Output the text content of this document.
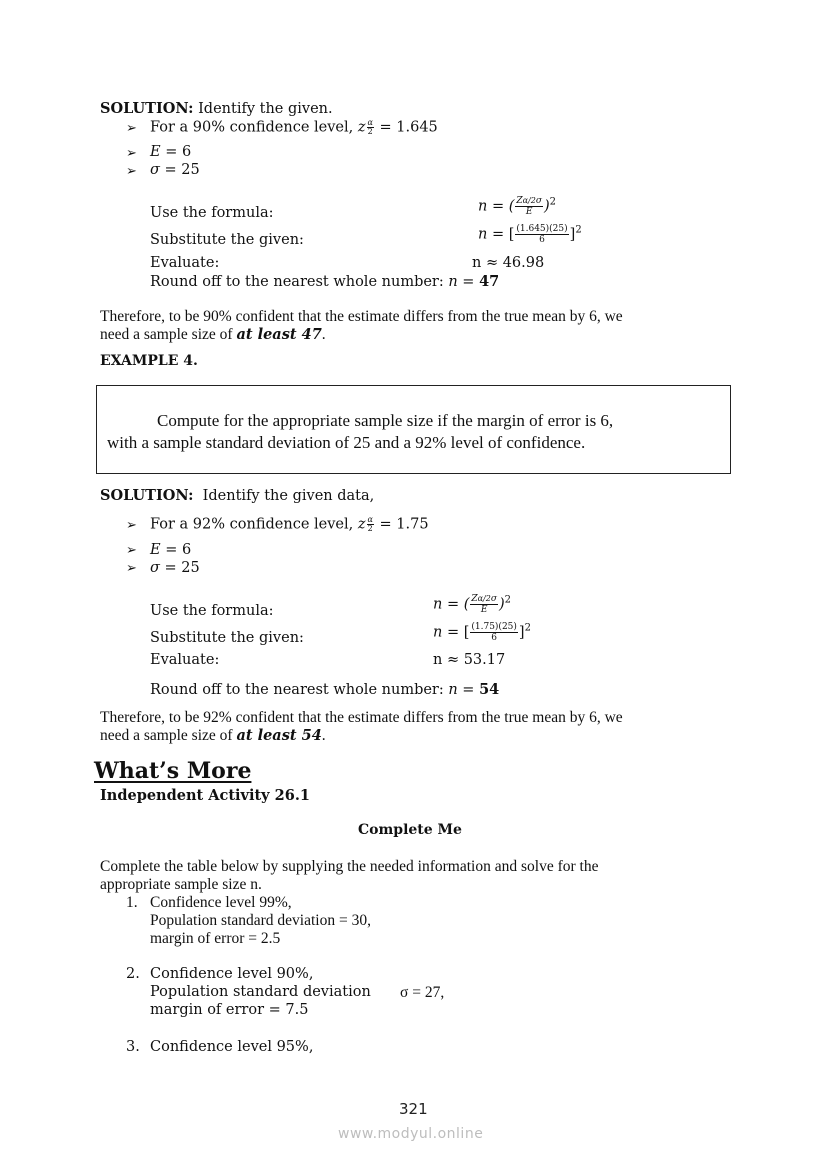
SOLUTION: Identify the given.
➢ For a 90% confidence level, z $\frac{\alpha}{2} = 1.645$
➢ E = 6
➢ σ = 25
Use the formula:	n = ( $\frac{Z\alpha/2\sigma}{E} )^2$
Substitute the given:	n = [ $\frac{(1.645)(25)}{6} ]^2$
Evaluate:	n ≈ 46.98
Round off to the nearest whole number: n = 47
Therefore, to be 90% confident that the estimate differs from the true mean by 6, we
need a sample size of at least 47.
EXAMPLE 4.
Compute for the appropriate sample size if the margin of error is 6,
with a sample standard deviation of 25 and a 92% level of confidence.
SOLUTION: Identify the given data,
➢ For a 92% confidence level, z $\frac{\alpha}{2} = 1.75$
➢ E = 6
➢ σ = 25
Use the formula:	n = ( $\frac{Z\alpha/2\sigma}{E} )^2$
Substitute the given:	n = [ $\frac{(1.75)(25)}{6} ]^2$
Evaluate:	n ≈ 53.17
Round off to the nearest whole number: n = 54
Therefore, to be 92% confident that the estimate differs from the true mean by 6, we
need a sample size of at least 54.
What’s More
Independent Activity 26.1
Complete Me
Complete the table below by supplying the needed information and solve for the
appropriate sample size n.
1. Confidence level 99%,
Population standard deviation = 30,
margin of error = 2.5
2. Confidence level 90%,
Population standard deviation σ = 27,
margin of error = 7.5
3. Confidence level 95%,
321
www.modyul.online
